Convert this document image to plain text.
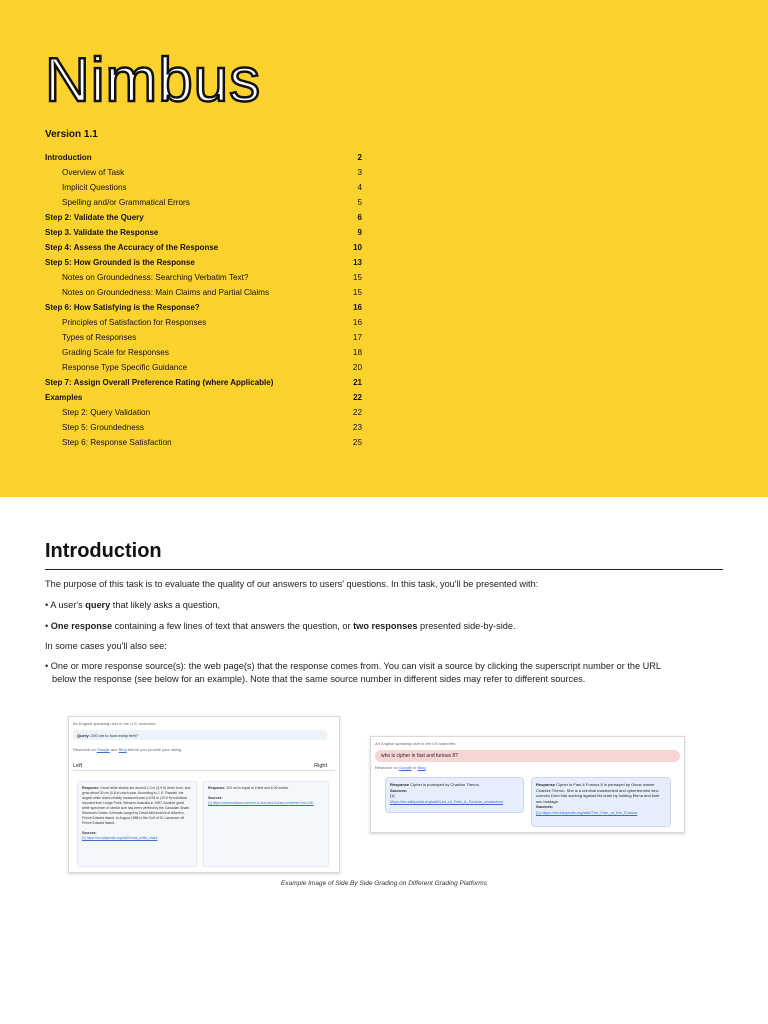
Nimbus
Version 1.1
Introduction	2
Overview of Task	3
Implicit Questions	4
Spelling and/or Grammatical Errors	5
Step 2: Validate the Query	6
Step 3. Validate the Response	9
Step 4: Assess the Accuracy of the Response	10
Step 5: How Grounded is the Response	13
Notes on Groundedness: Searching Verbatim Text?	15
Notes on Groundedness: Main Claims and Partial Claims	15
Step 6: How Satisfying is the Response?	16
Principles of Satisfaction for Responses	16
Types of Responses	17
Grading Scale for Responses	18
Response Type Specific Guidance	20
Step 7: Assign Overall Preference Rating (where Applicable)	21
Examples	22
Step 2: Query Validation	22
Step 5: Groundedness	23
Step 6: Response Satisfaction	25
Introduction
The purpose of this task is to evaluate the quality of our answers to users' questions. In this task, you'll be presented with:
• A user's query that likely asks a question,
• One response containing a few lines of text that answers the question, or two responses presented side-by-side.
In some cases you'll also see:
• One or more response source(s): the web page(s) that the response comes from. You can visit a source by clicking the superscript number or the URL
below the response (see below for an example). Note that the same source number in different sides may refer to different sources.
An English speaking user in the U.S. searches:
Query: 200 cm to how many feet?
Research on Google and Bing before you provide your rating.
Left	Right
Response: Great white sharks are around 1.3 m (3.9 ft) when born, and grow about 30 cm (0.8 in) each year. According to J. E. Randall, the largest white shark reliably measured was a 5.94 m (19.5 ft) individual reported from Ledge Point, Western Australia in 1987. Another great white specimen of similar size has been verified by the Canadian Shark Research Center: A female caught by David McKendrick of Alberton, Prince Edward Island, in August 1988 in the Gulf of St. Lawrence off Prince Edward Island.

Sources:
[1] https://en.wikipedia.org/wiki/Great_white_shark
Response: 200 cm is equal to 6 feet and 6.09 inches.

Sources:
[1] https://www.eddown.com/cm-to-feet-and-inches-converter?cm=190
An English speaking user in the US searches:
who is cipher in fast and furious 8?
Research on Google or Bing
Response Cipher is portrayed by Charlize Theron.
Sources:
[1]
https://en.wikipedia.org/wiki/List_of_Fast_&_Furious_characters
Response Cipher in Fast & Furious 8 is portrayed by Oscar winner Charlize Theron. She is a criminal mastermind and cyberterrorist who coerces Dom into working against his team by holding Elena and their son hostage.
Sources:
[1] https://en.wikipedia.org/wiki/The_Fate_of_the_Furious
Example Image of Side By Side Grading on Different Grading Platforms
